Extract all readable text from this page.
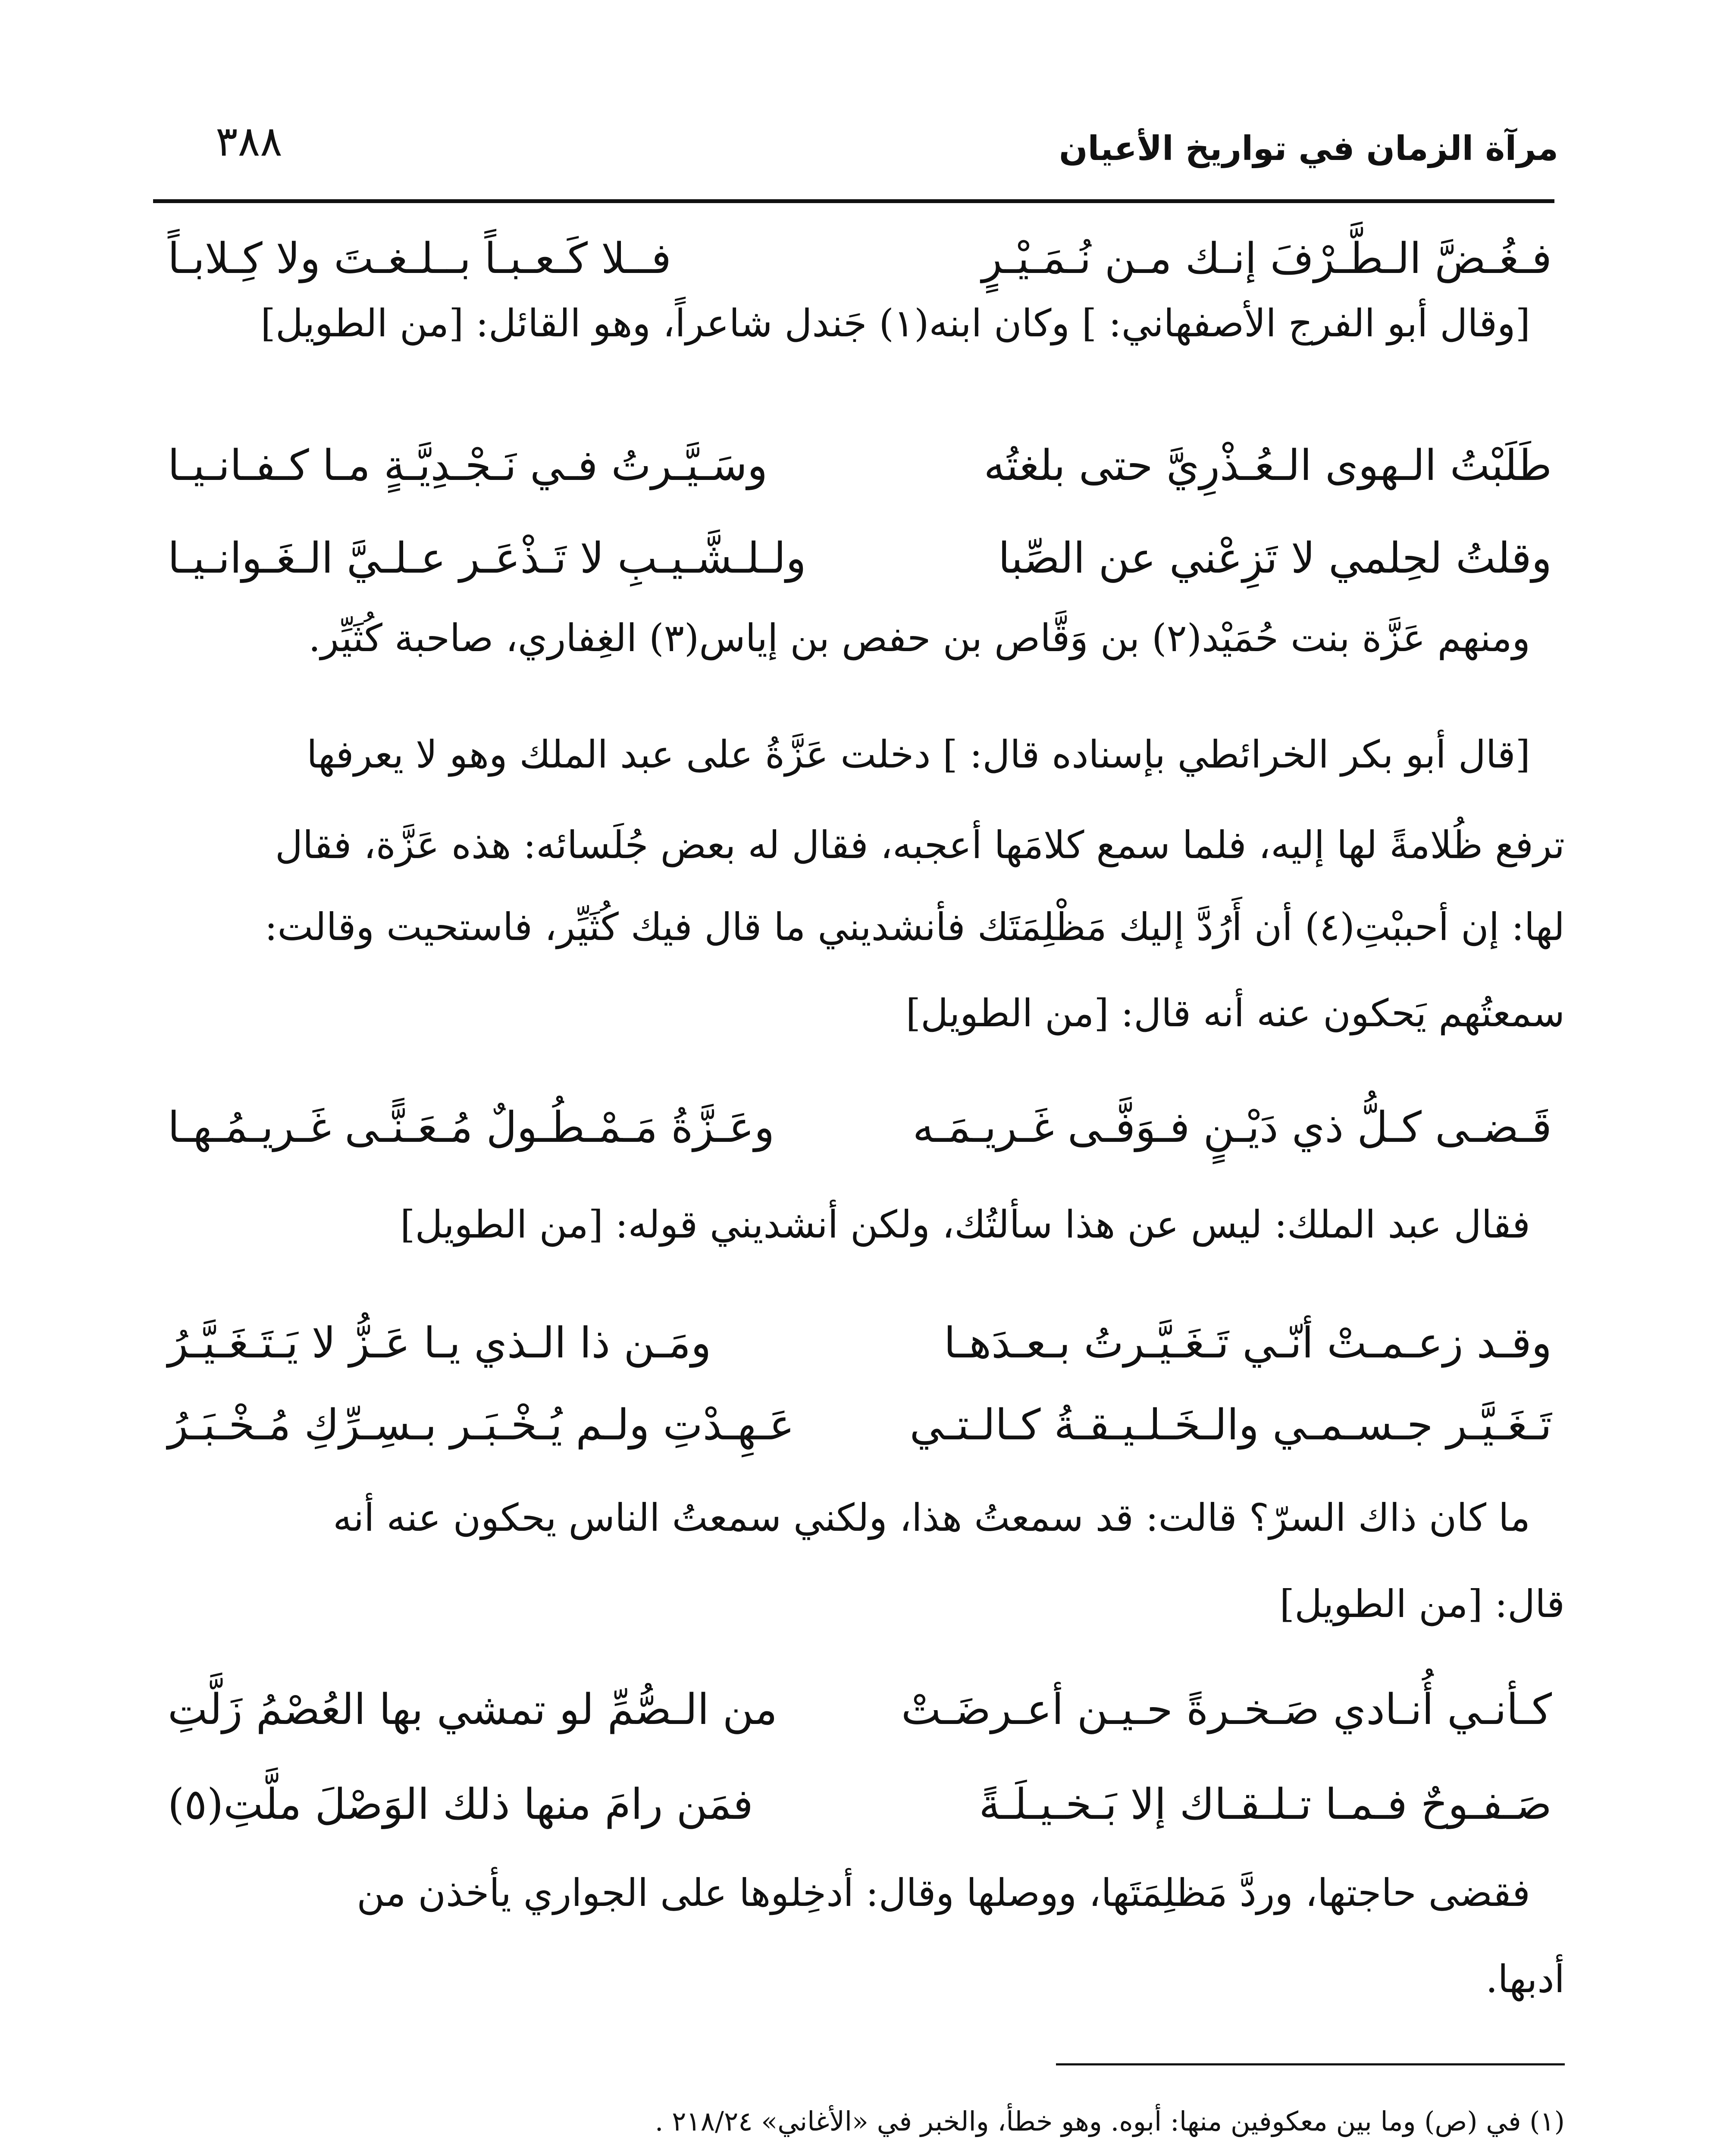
مرآة الزمان في تواريخ الأعيان
٣٨٨
فـغُـضَّ الـطَّـرْفَ إنـك مـن نُـمَـيْـرٍ
فــلا كَـعـبـاً بــلـغـتَ ولا كِـلابـاً
[وقال أبو الفرج الأصفهاني: ] وكان ابنه(١) جَندل شاعراً، وهو القائل: [من الطويل]
طَلَبْتُ الـهوى الـعُـذْرِيَّ حتى بلغتُه
وسَـيَّـرتُ فـي نَـجْـدِيَّـةٍ مـا كـفـانـيـا
وقلتُ لحِلمي لا تَزِعْني عن الصِّبا
ولـلـشَّـيـبِ لا تَـذْعَـر عـلـيَّ الـغَـوانـيـا
ومنهم عَزَّة بنت حُمَيْد(٢) بن وَقَّاص بن حفص بن إياس(٣) الغِفاري، صاحبة كُثَيِّر.
[قال أبو بكر الخرائطي بإسناده قال: ] دخلت عَزَّةُ على عبد الملك وهو لا يعرفها
ترفع ظُلامةً لها إليه، فلما سمع كلامَها أعجبه، فقال له بعض جُلَسائه: هذه عَزَّة، فقال
لها: إن أحببْتِ(٤) أن أَرُدَّ إليك مَظْلِمَتَك فأنشديني ما قال فيك كُثَيِّر، فاستحيت وقالت:
سمعتُهم يَحكون عنه أنه قال: [من الطويل]
قَـضـى كـلُّ ذي دَيْـنٍ فـوَفَّـى غَـريـمَـه
وعَـزَّةُ مَـمْـطُـولٌ مُـعَـنًّـى غَـريـمُـهـا
فقال عبد الملك: ليس عن هذا سألتُك، ولكن أنشديني قوله: [من الطويل]
وقـد زعـمـتْ أنّـي تَـغَـيَّـرتُ بـعـدَهـا
ومَـن ذا الـذي يـا عَـزُّ لا يَـتَـغَـيَّـرُ
تَـغَـيَّـر جـسـمـي والـخَـلـيـقـةُ كـالـتـي
عَـهِـدْتِ ولـم يُـخْـبَـر بـسِـرِّكِ مُـخْـبَـرُ
ما كان ذاك السرّ؟ قالت: قد سمعتُ هذا، ولكني سمعتُ الناس يحكون عنه أنه
قال: [من الطويل]
كـأنـي أُنـادي صَـخـرةً حـيـن أعـرضَـتْ
من الـصُّمِّ لو تمشي بها العُصْمُ زَلَّتِ
صَـفـوحٌ فـمـا تـلـقـاك إلا بَـخـيـلَـةً
فمَن رامَ منها ذلك الوَصْلَ ملَّتِ(٥)
فقضى حاجتها، وردَّ مَظلِمَتَها، ووصلها وقال: أدخِلوها على الجواري يأخذن من
أدبها.
(١) في (ص) وما بين معكوفين منها: أبوه. وهو خطأ، والخبر في «الأغاني» ٢١٨/٢٤ .
